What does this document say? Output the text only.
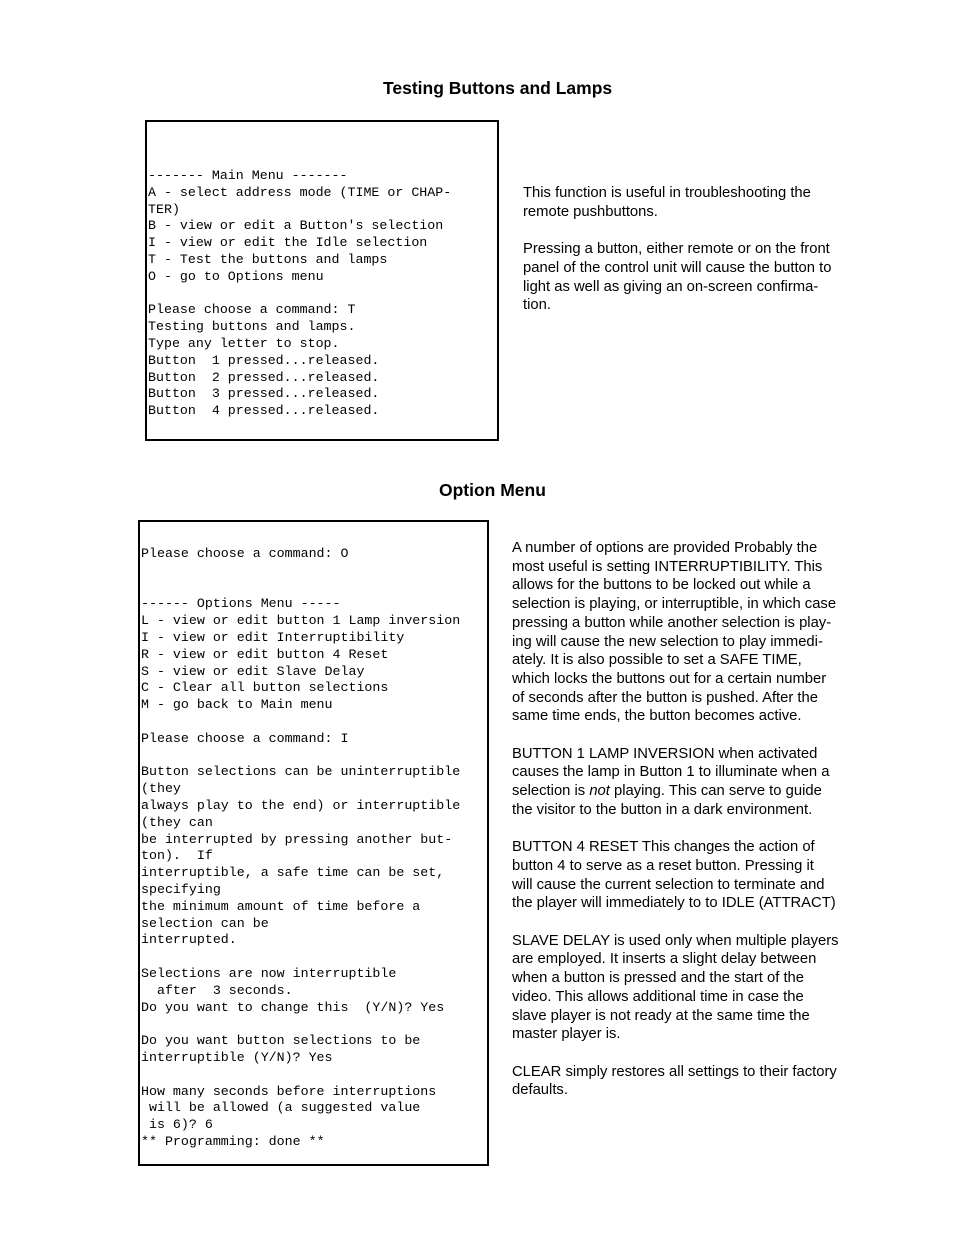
Testing Buttons and Lamps
------- Main Menu -------
A - select address mode (TIME or CHAP-
TER)
B - view or edit a Button's selection
I - view or edit the Idle selection
T - Test the buttons and lamps
O - go to Options menu

Please choose a command: T
Testing buttons and lamps.
Type any letter to stop.
Button  1 pressed...released.
Button  2 pressed...released.
Button  3 pressed...released.
Button  4 pressed...released.

This function is useful in troubleshooting the

remote pushbuttons.

Pressing a button, either remote or on the front

panel of the control unit will cause the button to

light as well as giving an on-screen confirma-

tion.

Option Menu
Please choose a command: O

------ Options Menu -----
L - view or edit button 1 Lamp inversion
I - view or edit Interruptibility
R - view or edit button 4 Reset
S - view or edit Slave Delay
C - Clear all button selections
M - go back to Main menu

Please choose a command: I

Button selections can be uninterruptible
(they
always play to the end) or interruptible
(they can
be interrupted by pressing another but-
ton).  If
interruptible, a safe time can be set,
specifying
the minimum amount of time before a
selection can be
interrupted.

Selections are now interruptible
after  3 seconds.
Do you want to change this  (Y/N)? Yes

Do you want button selections to be
interruptible (Y/N)? Yes

How many seconds before interruptions
will be allowed (a suggested value
is 6)? 6
** Programming: done **

A number of options are provided Probably the

most useful is setting INTERRUPTIBILITY. This

allows for the buttons to be locked out while a

selection is playing, or interruptible, in which case

pressing a button while another selection is play-

ing will cause the new selection to play immedi-

ately. It is also possible to set a SAFE TIME,

which locks the buttons out for a certain number

of seconds after the button is pushed. After the

same time ends, the button becomes active.

BUTTON 1 LAMP INVERSION when activated

causes the lamp in Button 1 to illuminate when a

selection is not playing. This can serve to guide

the visitor to the button in a dark environment.

BUTTON 4 RESET This changes the action of

button 4 to serve as a reset button. Pressing it

will cause the current selection to terminate and

the player will immediately to to IDLE (ATTRACT)

SLAVE DELAY is used only when multiple players

are employed. It inserts a slight delay between

when a button is pressed and the start of the

video. This allows additional time in case the

slave player is not ready at the same time the

master player is.

CLEAR simply restores all settings to their factory

defaults.
